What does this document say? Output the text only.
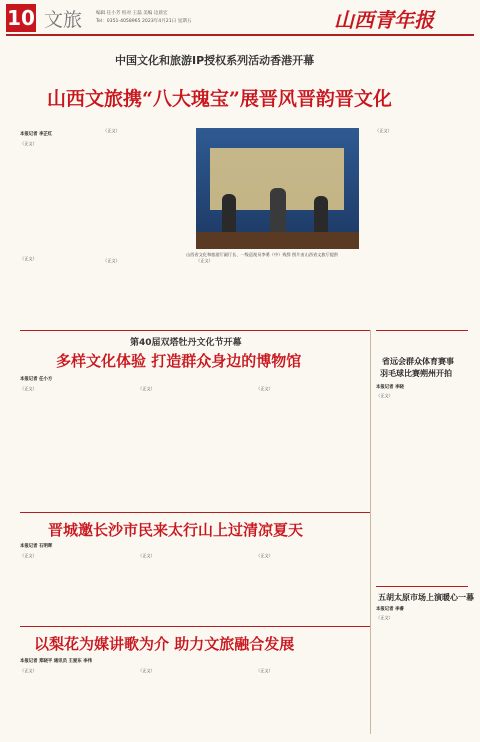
10 文旅	编辑 任小芳 校对 王磊 美编 边晨宏
Tel：0351-4058965 2023年4月21日 星期五	山西青年报
中国文化和旅游IP授权系列活动香港开幕
山西文旅携“八大瑰宝”展晋风晋韵晋文化
本报记者 李芷红
（正文）
（正文）
山西省文化和旅游厅副厅长、一级巡视员李勇（中）致辞 图片由山西省文旅厅提供
（正文）
（正文）	（正文）	（正文）
第40届双塔牡丹文化节开幕
多样文化体验 打造群众身边的博物馆
本报记者 任小方
（正文）	（正文）	（正文）
晋城邀长沙市民来太行山上过清凉夏天
本报记者 石明晖
（正文）	（正文）	（正文）
以梨花为媒讲歌为介 助力文旅融合发展
本报记者 郑晓平 通讯员 王爱东 李伟
（正文）	（正文）	（正文）
省远会群众体育赛事
羽毛球比赛朔州开拍
本报记者 李晓
（正文）
五胡太原市场上演暖心一幕
本报记者 李睿
（正文）
